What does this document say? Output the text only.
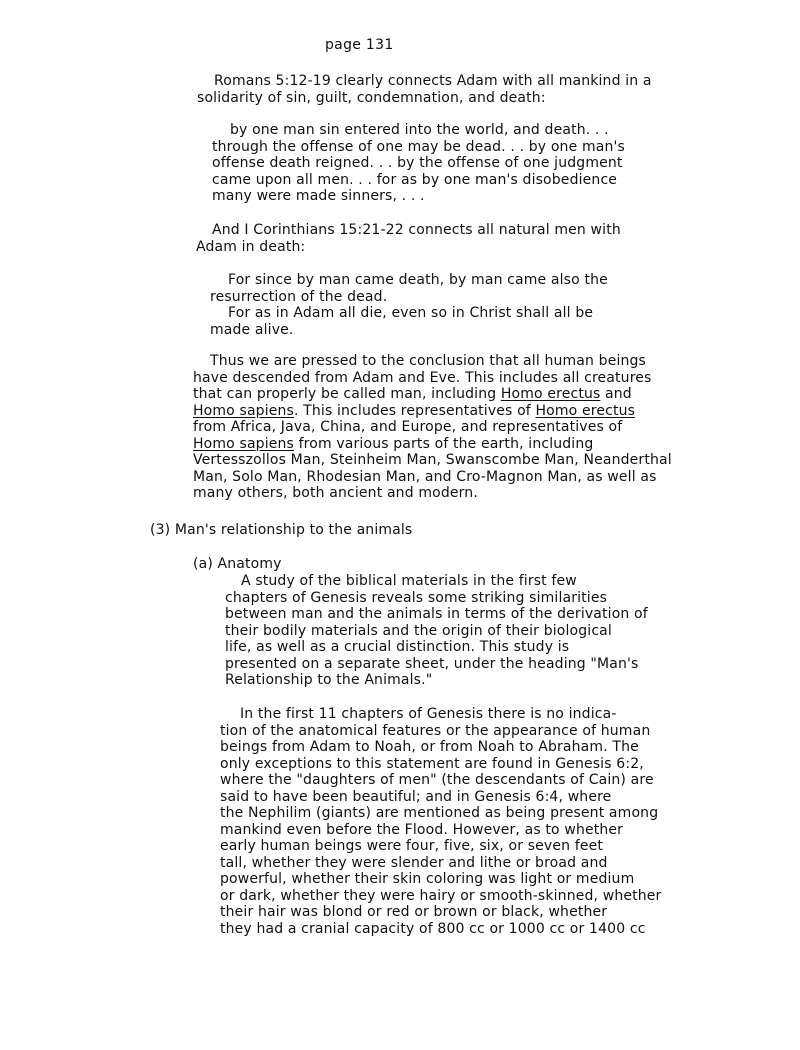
page 131
Romans 5:12-19 clearly connects Adam with all mankind in a
solidarity of sin, guilt, condemnation, and death:
by one man sin entered into the world, and death. . .
through the offense of one may be dead. . . by one man's
offense death reigned. . . by the offense of one judgment
came upon all men. . . for as by one man's disobedience
many were made sinners, . . .
And I Corinthians 15:21-22 connects all natural men with
Adam in death:
For since by man came death, by man came also the
resurrection of the dead.
For as in Adam all die, even so in Christ shall all be
made alive.
Thus we are pressed to the conclusion that all human beings
have descended from Adam and Eve. This includes all creatures
that can properly be called man, including Homo erectus and
Homo sapiens. This includes representatives of Homo erectus
from Africa, Java, China, and Europe, and representatives of
Homo sapiens from various parts of the earth, including
Vertesszollos Man, Steinheim Man, Swanscombe Man, Neanderthal
Man, Solo Man, Rhodesian Man, and Cro-Magnon Man, as well as
many others, both ancient and modern.
(3) Man's relationship to the animals
(a) Anatomy
A study of the biblical materials in the first few
chapters of Genesis reveals some striking similarities
between man and the animals in terms of the derivation of
their bodily materials and the origin of their biological
life, as well as a crucial distinction. This study is
presented on a separate sheet, under the heading "Man's
Relationship to the Animals."
In the first 11 chapters of Genesis there is no indica-
tion of the anatomical features or the appearance of human
beings from Adam to Noah, or from Noah to Abraham. The
only exceptions to this statement are found in Genesis 6:2,
where the "daughters of men" (the descendants of Cain) are
said to have been beautiful; and in Genesis 6:4, where
the Nephilim (giants) are mentioned as being present among
mankind even before the Flood. However, as to whether
early human beings were four, five, six, or seven feet
tall, whether they were slender and lithe or broad and
powerful, whether their skin coloring was light or medium
or dark, whether they were hairy or smooth-skinned, whether
their hair was blond or red or brown or black, whether
they had a cranial capacity of 800 cc or 1000 cc or 1400 cc
